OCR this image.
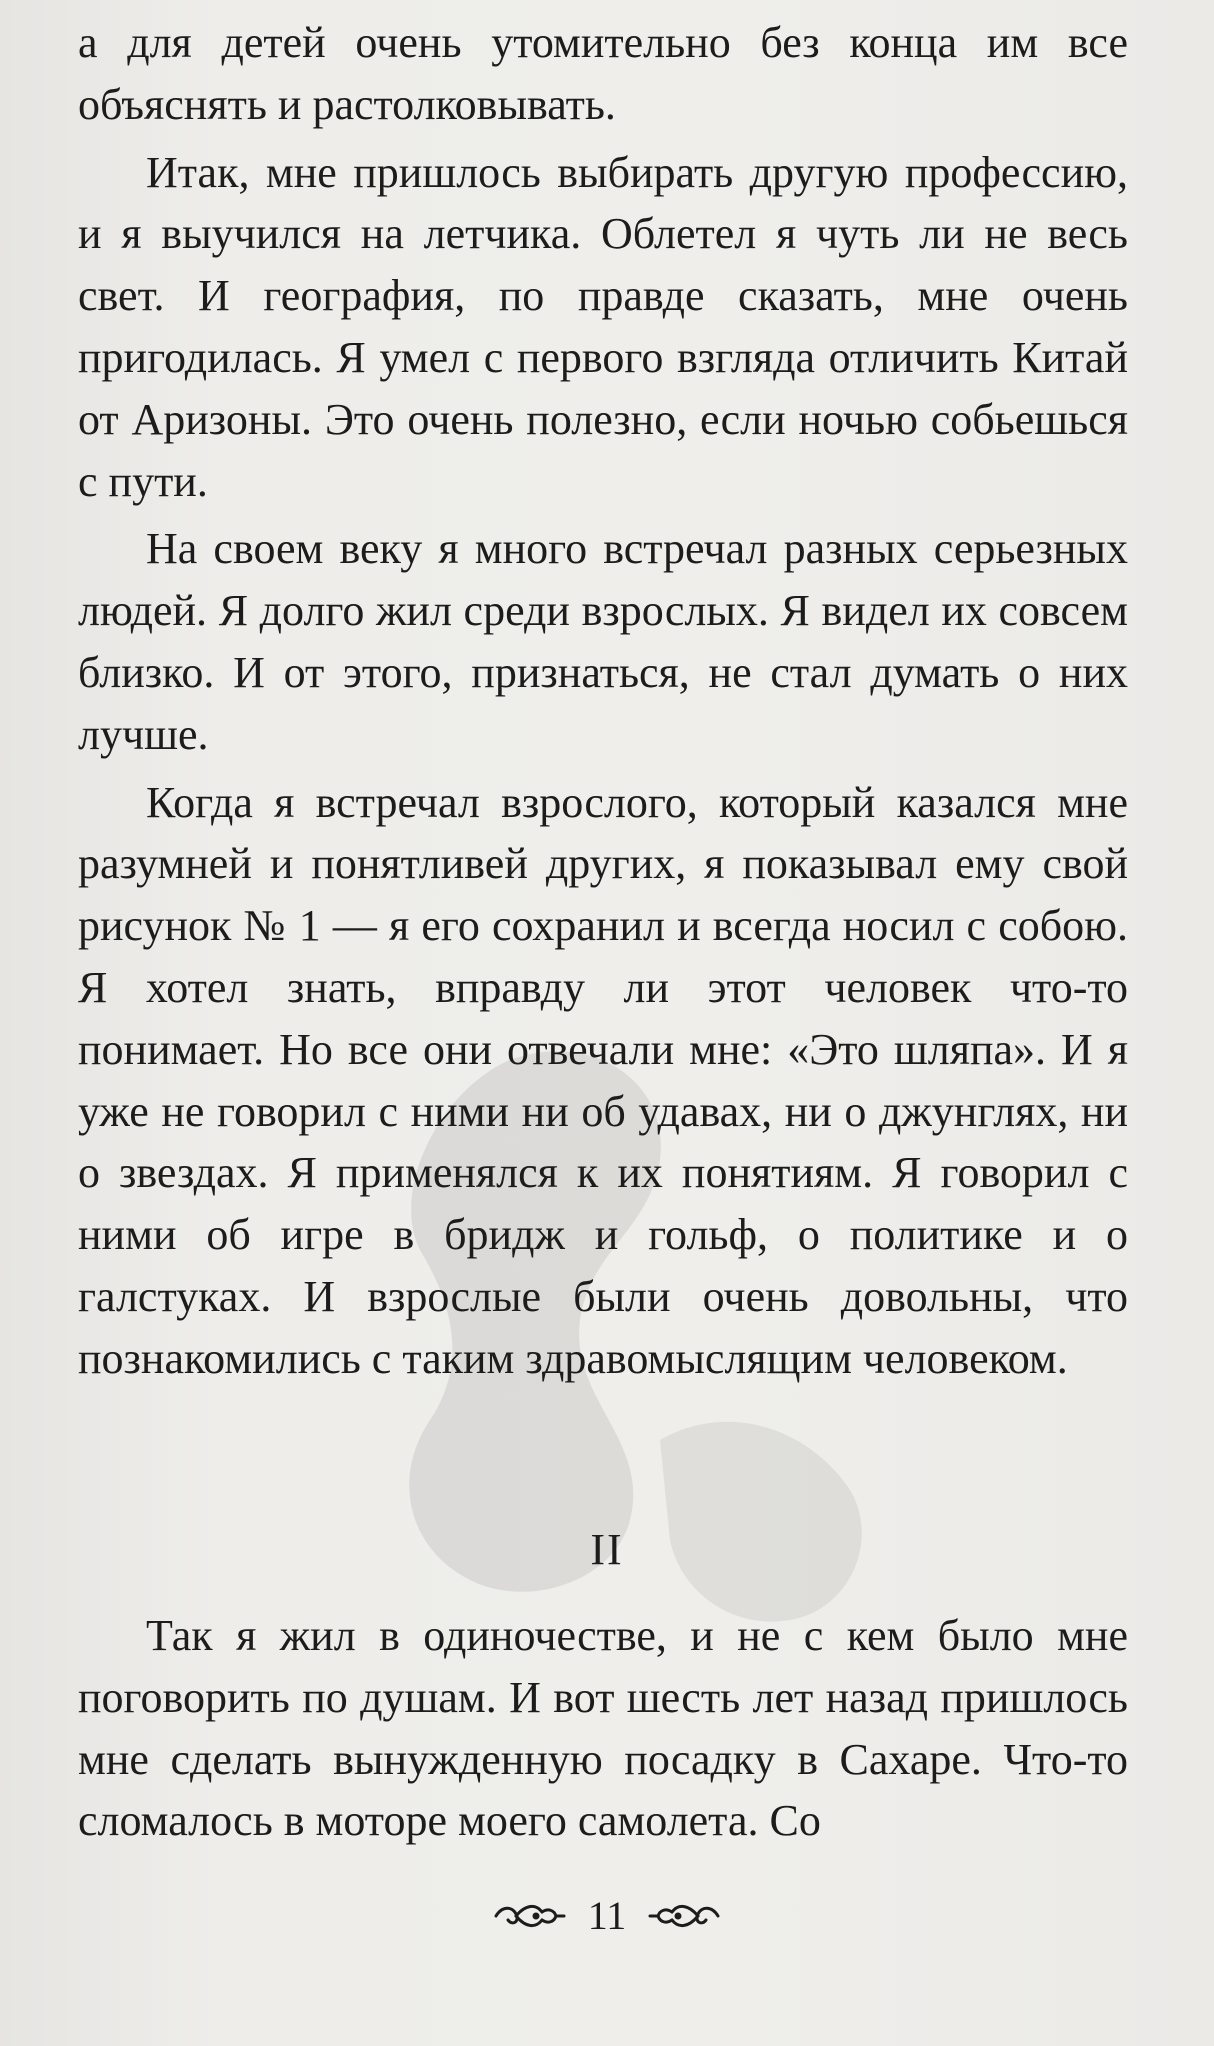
а для детей очень утомительно без конца им все объяснять и растолковывать.

Итак, мне пришлось выбирать другую профессию, и я выучился на летчика. Облетел я чуть ли не весь свет. И география, по правде сказать, мне очень пригодилась. Я умел с первого взгляда отличить Китай от Аризоны. Это очень полезно, если ночью собьешься с пути.

На своем веку я много встречал разных серьезных людей. Я долго жил среди взрослых. Я видел их совсем близко. И от этого, признаться, не стал думать о них лучше.

Когда я встречал взрослого, который казался мне разумней и понятливей других, я показывал ему свой рисунок № 1 — я его сохранил и всегда носил с собою. Я хотел знать, вправду ли этот человек что-то понимает. Но все они отвечали мне: «Это шляпа». И я уже не говорил с ними ни об удавах, ни о джунглях, ни о звездах. Я применялся к их понятиям. Я говорил с ними об игре в бридж и гольф, о политике и о галстуках. И взрослые были очень довольны, что познакомились с таким здравомыслящим человеком.

II

Так я жил в одиночестве, и не с кем было мне поговорить по душам. И вот шесть лет назад пришлось мне сделать вынужденную посадку в Сахаре. Что-то сломалось в моторе моего самолета. Со

11
